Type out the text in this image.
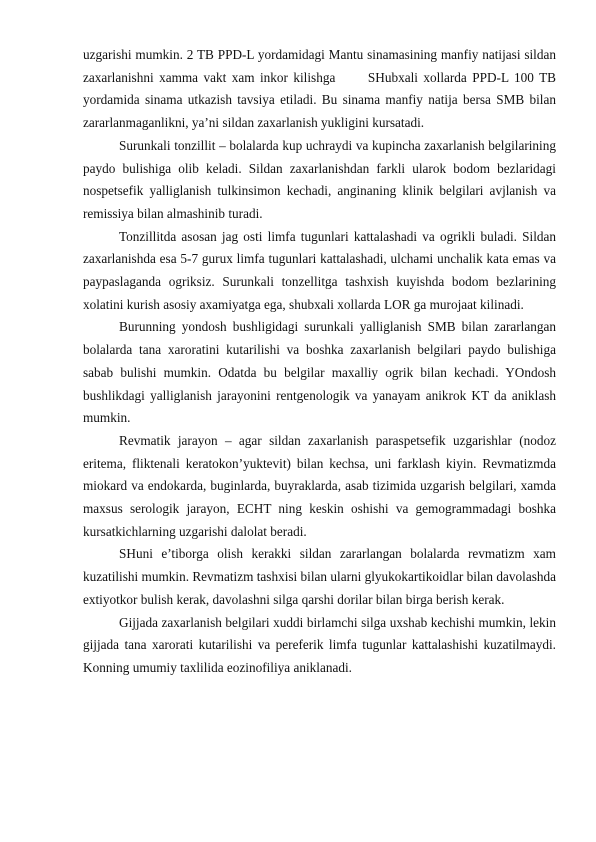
uzgarishi mumkin. 2 TB PPD-L yordamidagi Mantu sinamasining manfiy natijasi sildan zaxarlanishni xamma vakt xam inkor kilishga      SHubxali xollarda PPD-L 100 TB yordamida sinama utkazish tavsiya etiladi. Bu sinama manfiy natija bersa SMB bilan zararlanmaganlikni, ya’ni sildan zaxarlanish yukligini kursatadi.

Surunkali tonzillit – bolalarda kup uchraydi va kupincha zaxarlanish belgilarining paydo bulishiga olib keladi. Sildan zaxarlanishdan farkli ularok bodom bezlaridagi nospetsefik yalliglanish tulkinsimon kechadi, anginaning klinik belgilari avjlanish va remissiya bilan almashinib turadi.

Tonzillitda asosan jag osti limfa tugunlari kattalashadi va ogrikli buladi. Sildan zaxarlanishda esa 5-7 gurux limfa tugunlari kattalashadi, ulchami unchalik kata emas va paypaslaganda ogriksiz. Surunkali tonzellitga tashxish kuyishda bodom bezlarining xolatini kurish asosiy axamiyatga ega, shubxali xollarda LOR ga murojaat kilinadi.

Burunning yondosh bushligidagi surunkali yalliglanish SMB bilan zararlangan bolalarda tana xaroratini kutarilishi va boshka zaxarlanish belgilari paydo bulishiga sabab bulishi mumkin. Odatda bu belgilar maxalliy ogrik bilan kechadi. YOndosh bushlikdagi yalliglanish jarayonini rentgenologik va yanayam anikrok KT da aniklash mumkin.

Revmatik jarayon – agar sildan zaxarlanish paraspetsefik uzgarishlar (nodoz eritema, fliktenali keratokon’yuktevit) bilan kechsa, uni farklash kiyin. Revmatizmda miokard va endokarda, buginlarda, buyraklarda, asab tizimida uzgarish belgilari, xamda maxsus serologik jarayon, ECHT ning keskin oshishi va gemogrammadagi boshka kursatkichlarning uzgarishi dalolat beradi.

SHuni e’tiborga olish kerakki sildan zararlangan bolalarda revmatizm xam kuzatilishi mumkin. Revmatizm tashxisi bilan ularni glyukokartikoidlar bilan davolashda extiyotkor bulish kerak, davolashni silga qarshi dorilar bilan birga berish kerak.

Gijjada zaxarlanish belgilari xuddi birlamchi silga uxshab kechishi mumkin, lekin gijjada tana xarorati kutarilishi va pereferik limfa tugunlar kattalashishi kuzatilmaydi. Konning umumiy taxlilida eozinofiliya aniklanadi.
